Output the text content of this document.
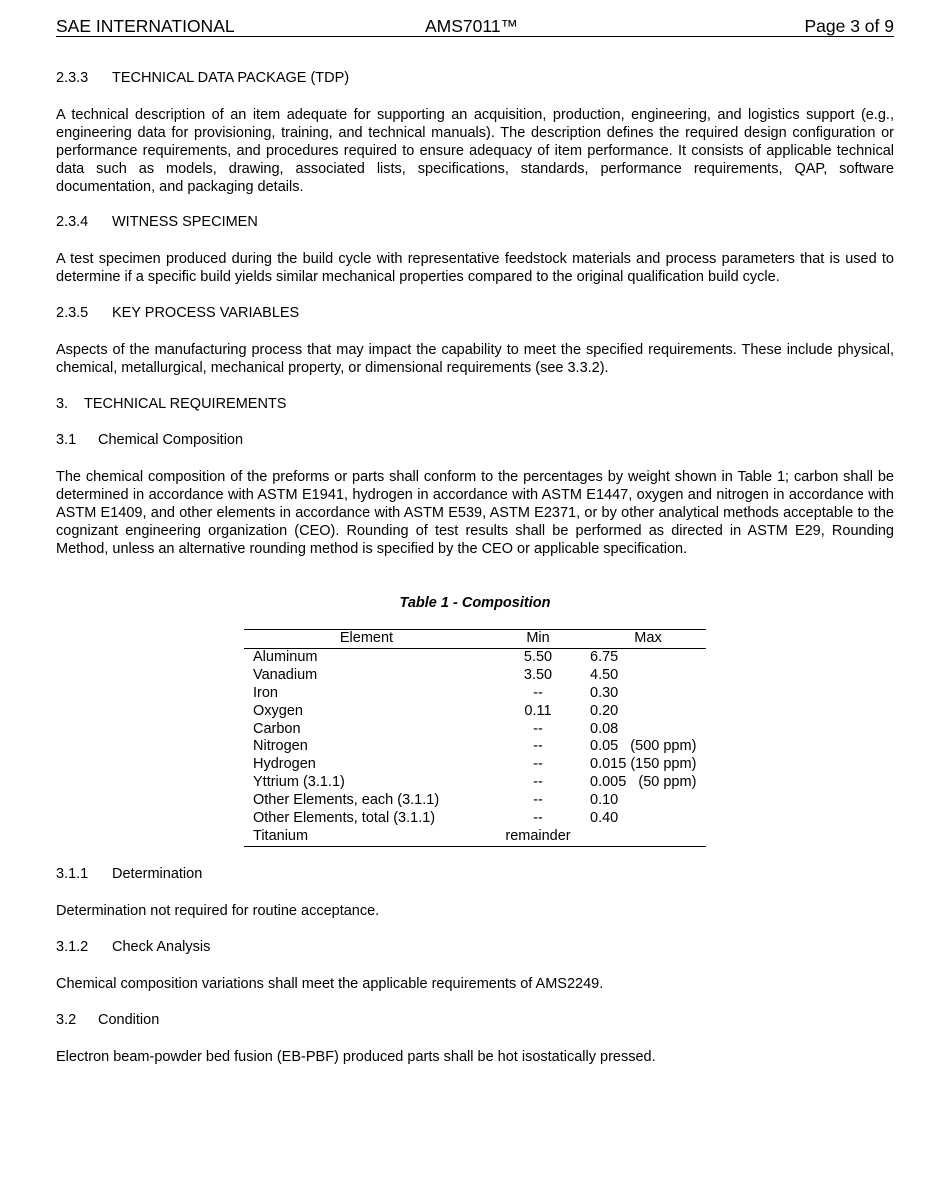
SAE INTERNATIONAL	AMS7011™	Page 3 of 9

2.3.3 TECHNICAL DATA PACKAGE (TDP)

A technical description of an item adequate for supporting an acquisition, production, engineering, and logistics support (e.g., engineering data for provisioning, training, and technical manuals). The description defines the required design configuration or performance requirements, and procedures required to ensure adequacy of item performance. It consists of applicable technical data such as models, drawing, associated lists, specifications, standards, performance requirements, QAP, software documentation, and packaging details.

2.3.4 WITNESS SPECIMEN

A test specimen produced during the build cycle with representative feedstock materials and process parameters that is used to determine if a specific build yields similar mechanical properties compared to the original qualification build cycle.

2.3.5 KEY PROCESS VARIABLES

Aspects of the manufacturing process that may impact the capability to meet the specified requirements. These include physical, chemical, metallurgical, mechanical property, or dimensional requirements (see 3.3.2).

3. TECHNICAL REQUIREMENTS

3.1 Chemical Composition

The chemical composition of the preforms or parts shall conform to the percentages by weight shown in Table 1; carbon shall be determined in accordance with ASTM E1941, hydrogen in accordance with ASTM E1447, oxygen and nitrogen in accordance with ASTM E1409, and other elements in accordance with ASTM E539, ASTM E2371, or by other analytical methods acceptable to the cognizant engineering organization (CEO). Rounding of test results shall be performed as directed in ASTM E29, Rounding Method, unless an alternative rounding method is specified by the CEO or applicable specification.

Table 1 - Composition
Element	Min	Max
Aluminum	5.50	6.75
Vanadium	3.50	4.50
Iron	--	0.30
Oxygen	0.11	0.20
Carbon	--	0.08
Nitrogen	--	0.05   (500 ppm)
Hydrogen	--	0.015 (150 ppm)
Yttrium (3.1.1)	--	0.005   (50 ppm)
Other Elements, each (3.1.1)	--	0.10
Other Elements, total (3.1.1)	--	0.40
Titanium	remainder	

3.1.1 Determination

Determination not required for routine acceptance.

3.1.2 Check Analysis

Chemical composition variations shall meet the applicable requirements of AMS2249.

3.2 Condition

Electron beam-powder bed fusion (EB-PBF) produced parts shall be hot isostatically pressed.
